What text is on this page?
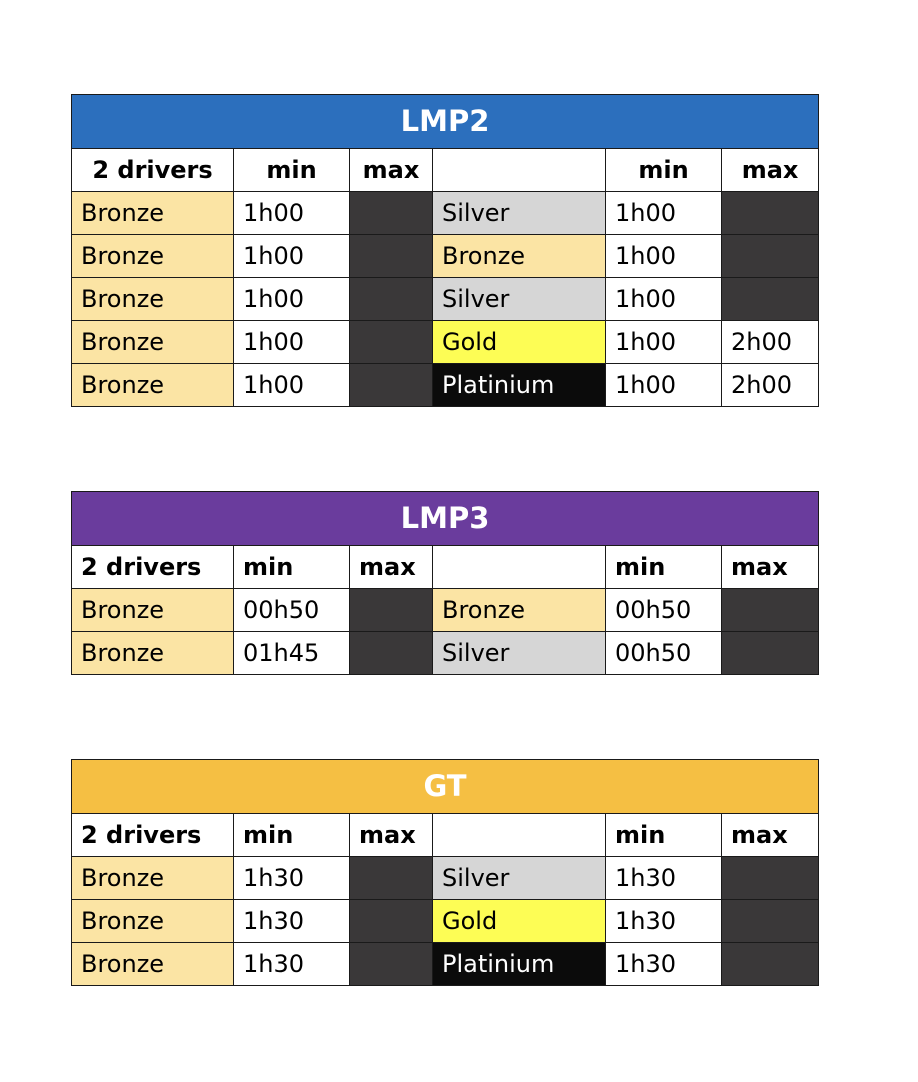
LMP2					
2 drivers	min	max		min	max
Bronze	1h00		Silver	1h00	
Bronze	1h00		Bronze	1h00	
Bronze	1h00		Silver	1h00	
Bronze	1h00		Gold	1h00	2h00
Bronze	1h00		Platinium	1h00	2h00
LMP3					
2 drivers	min	max		min	max
Bronze	00h50		Bronze	00h50	
Bronze	01h45		Silver	00h50	
GT					
2 drivers	min	max		min	max
Bronze	1h30		Silver	1h30	
Bronze	1h30		Gold	1h30	
Bronze	1h30		Platinium	1h30	
